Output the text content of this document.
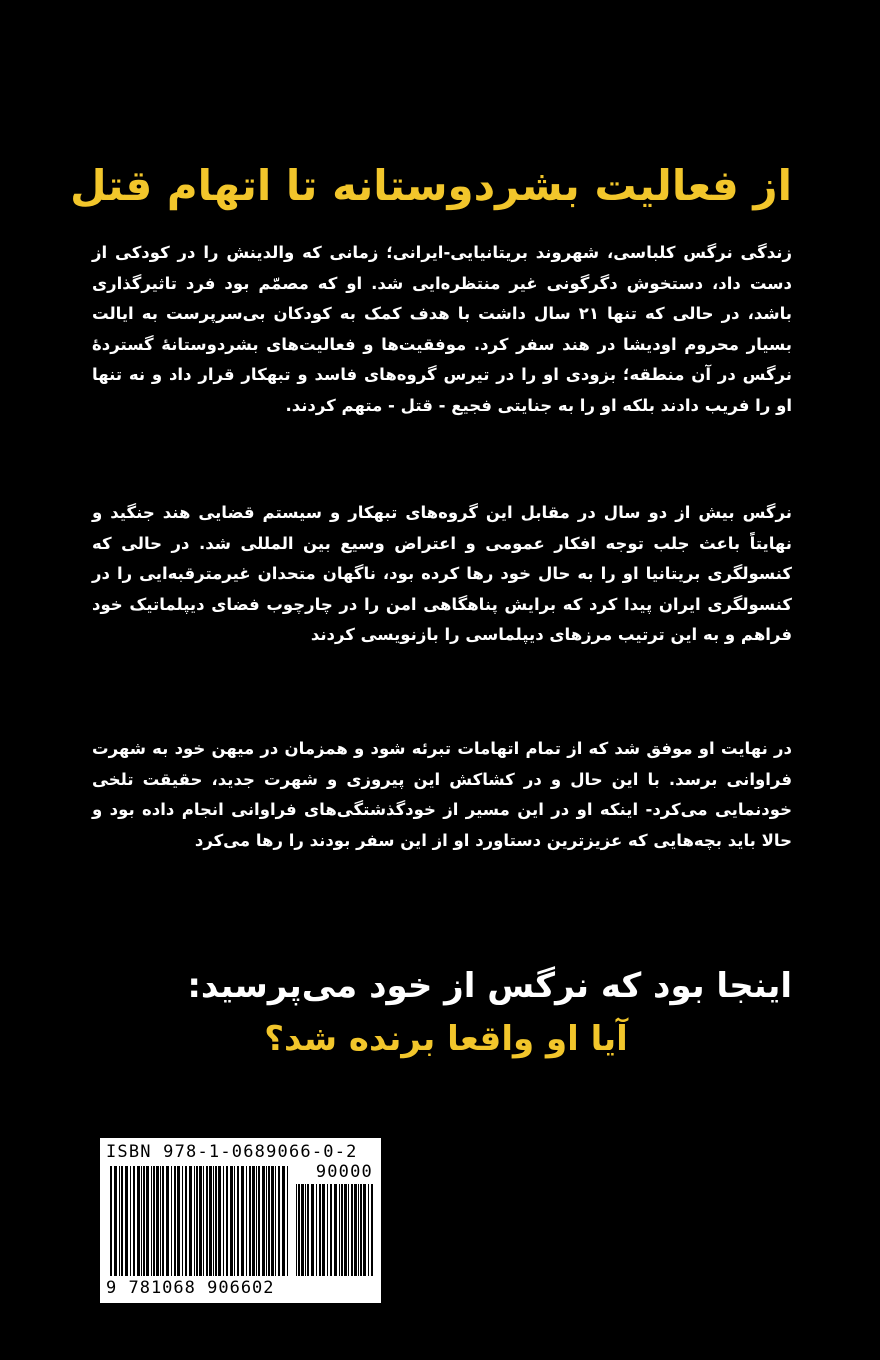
از فعالیت بشردوستانه تا اتهام قتل

زندگی نرگس کلباسی، شهروند بریتانیایی-ایرانی؛ زمانی که والدینش را در کودکی از دست داد، دستخوش دگرگونی غیر منتظره‌ایی شد. او که مصمّم بود فرد تاثیرگذاری باشد، در حالی که تنها ۲۱ سال داشت با هدف کمک به کودکان بی‌سرپرست به ایالت بسیار محروم اودیشا در هند سفر کرد. موفقیت‌ها و فعالیت‌های بشردوستانهٔ گستردهٔ نرگس در آن منطقه؛ بزودی او را در تیرس گروه‌های فاسد و تبهکار قرار داد و نه تنها او را فریب دادند بلکه او را به جنایتی فجیع - قتل - متهم کردند.

نرگس بیش از دو سال در مقابل این گروه‌های تبهکار و سیستم قضایی هند جنگید و نهایتاً باعث جلب توجه افکار عمومی و اعتراض وسیع بین المللی شد. در حالی که کنسولگری بریتانیا او را به حال خود رها کرده بود، ناگهان متحدان غیرمترقبه‌ایی را در کنسولگری ایران پیدا کرد که برایش پناهگاهی امن را در چارچوب فضای دیپلماتیک خود فراهم و به این ترتیب مرزهای دیپلماسی را بازنویسی کردند

در نهایت او موفق شد که از تمام اتهامات تبرئه شود و همزمان در میهن خود به شهرت فراوانی برسد. با این حال و در کشاکش این پیروزی و شهرت جدید، حقیقت تلخی خودنمایی می‌کرد- اینکه او در این مسیر از خودگذشتگی‌های فراوانی انجام داده بود و حالا باید بچه‌هایی که عزیزترین دستاورد او از این سفر بودند را رها می‌کرد

اینجا بود که نرگس از خود می‌پرسید:
آیا او واقعا برنده شد؟
ISBN 978-1-0689066-0-2
90000
9 781068 906602
